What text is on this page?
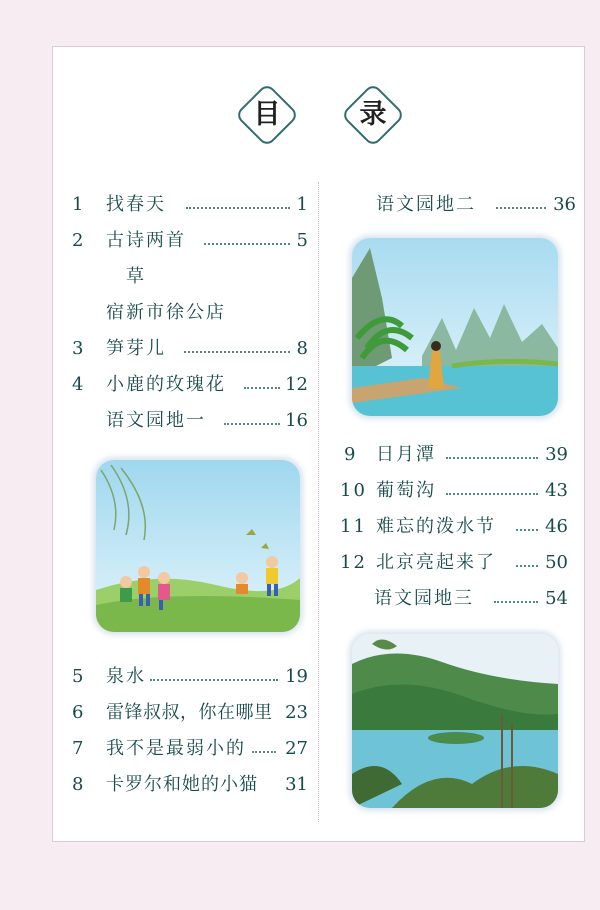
目	录
1	找春天	1
2	古诗两首	5
草
宿新市徐公店
3	笋芽儿	8
4	小鹿的玫瑰花	12
语文园地一	16
5	泉水	19
6	雷锋叔叔，你在哪里 23
7	我不是最弱小的	27
8	卡罗尔和她的小猫	31
语文园地二	36
9	日月潭	39
10 葡萄沟	43
11 难忘的泼水节	46
12 北京亮起来了	50
语文园地三	54
